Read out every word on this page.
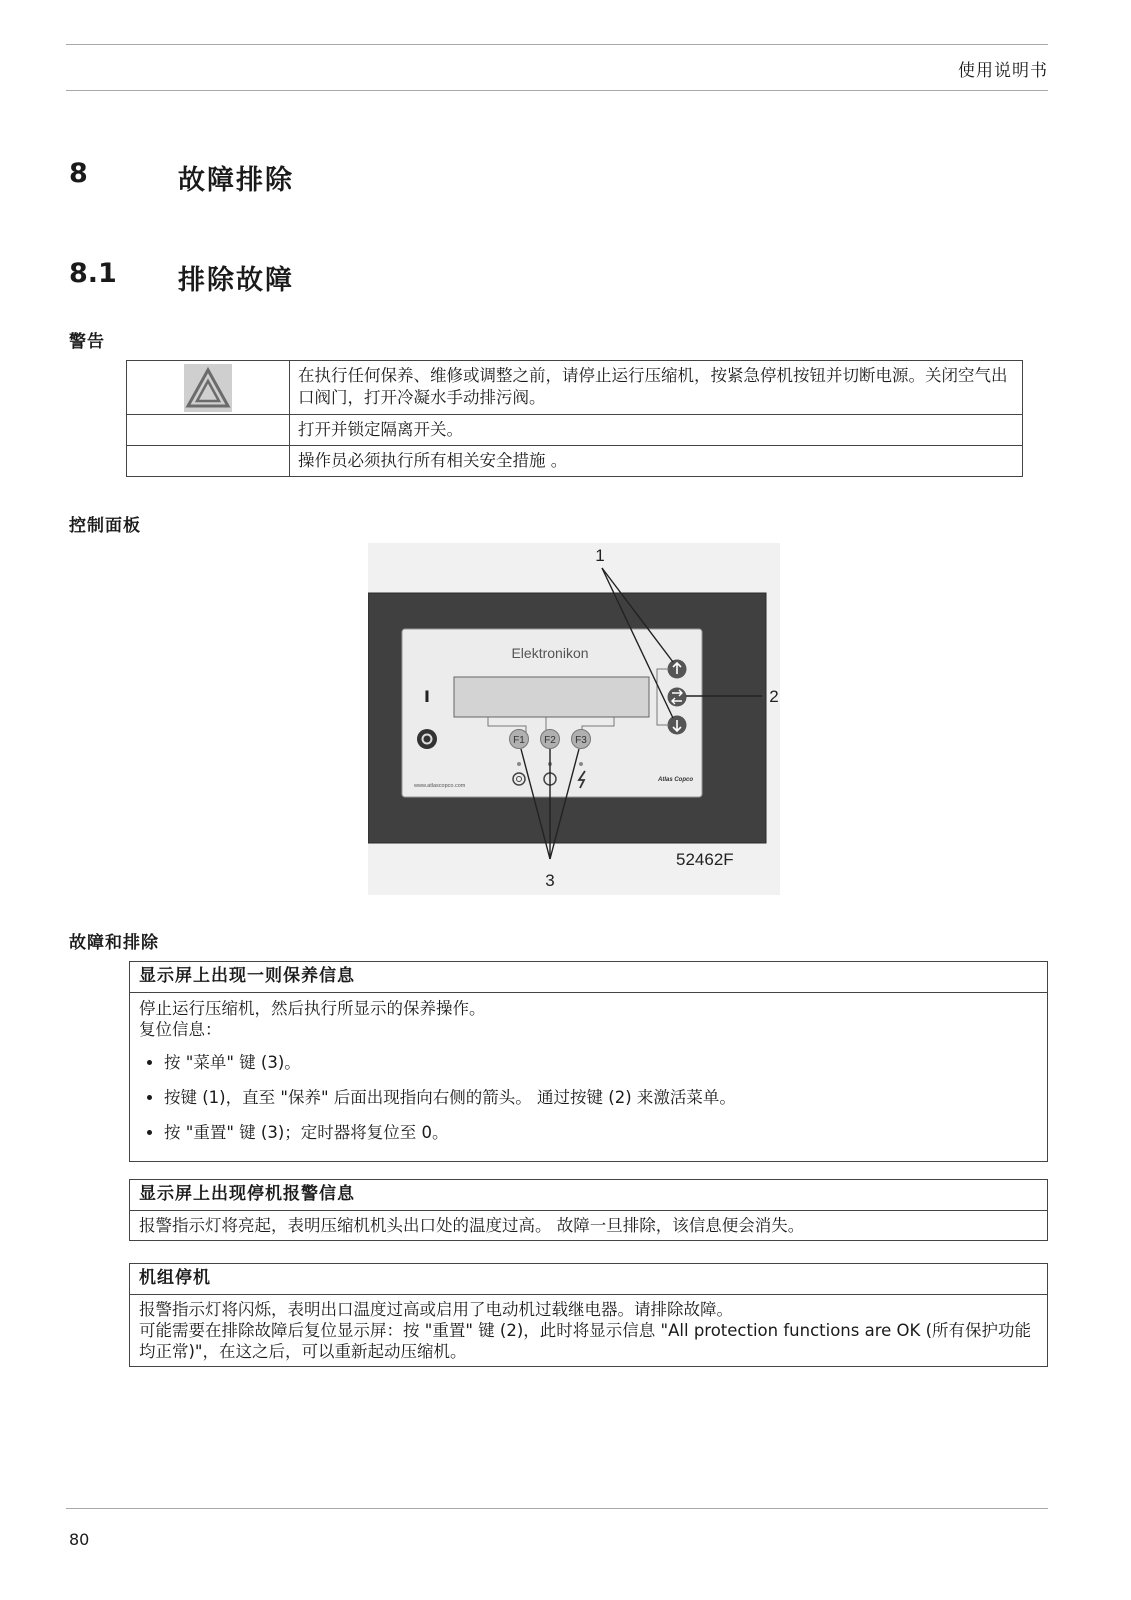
使用说明书
8	故障排除
8.1 排除故障
警告
	在执行任何保养、维修或调整之前，请停止运行压缩机，按紧急停机按钮并切断电源。关闭空气出口阀门，打开冷凝水手动排污阀。
	打开并锁定隔离开关。
	操作员必须执行所有相关安全措施 。
控制面板
Elektronikon
I
F1 F2 F3
www.atlascopco.com
Atlas Copco
1
2
3
52462F
故障和排除
显示屏上出现一则保养信息

停止运行压缩机，然后执行所显示的保养操作。
复位信息：
• 按 "菜单" 键 (3)。
• 按键 (1)，直至 "保养" 后面出现指向右侧的箭头。 通过按键 (2) 来激活菜单。
• 按 "重置" 键 (3)；定时器将复位至 0。
显示屏上出现停机报警信息
报警指示灯将亮起，表明压缩机机头出口处的温度过高。 故障一旦排除，该信息便会消失。
机组停机

报警指示灯将闪烁，表明出口温度过高或启用了电动机过载继电器。请排除故障。
可能需要在排除故障后复位显示屏：按 "重置" 键 (2)，此时将显示信息 "All protection functions are OK (所有保护功能均正常)"，在这之后，可以重新起动压缩机。
80
